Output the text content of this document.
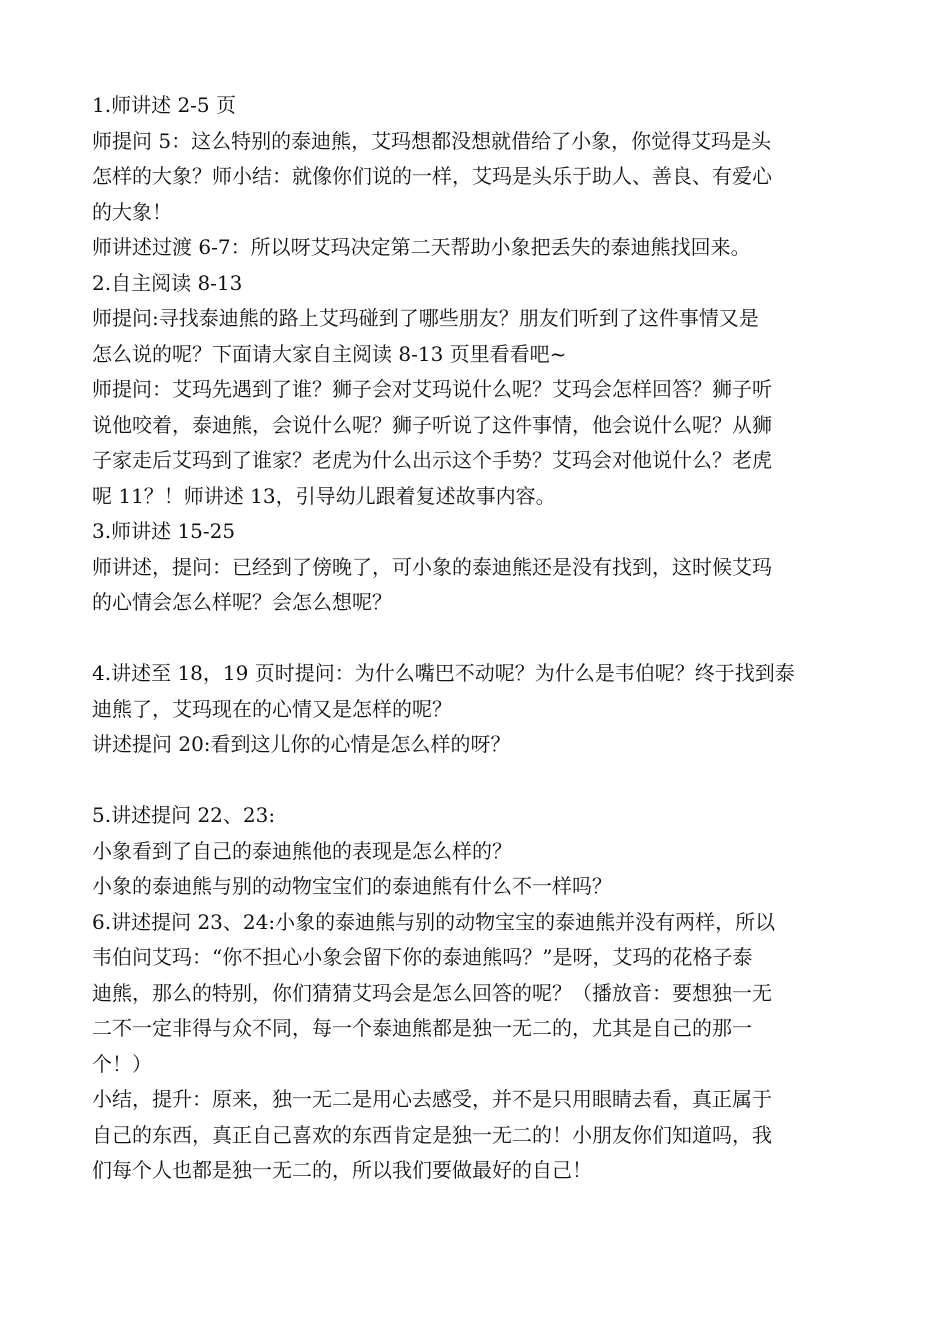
1.师讲述 2-5 页
师提问 5：这么特别的泰迪熊，艾玛想都没想就借给了小象，你觉得艾玛是头
怎样的大象？师小结：就像你们说的一样，艾玛是头乐于助人、善良、有爱心
的大象！
师讲述过渡 6-7：所以呀艾玛决定第二天帮助小象把丢失的泰迪熊找回来。
2.自主阅读 8-13
师提问:寻找泰迪熊的路上艾玛碰到了哪些朋友？朋友们听到了这件事情又是
怎么说的呢？下面请大家自主阅读 8-13 页里看看吧~
师提问：艾玛先遇到了谁？狮子会对艾玛说什么呢？艾玛会怎样回答？狮子听
说他咬着，泰迪熊，会说什么呢？狮子听说了这件事情，他会说什么呢？从狮
子家走后艾玛到了谁家？老虎为什么出示这个手势？艾玛会对他说什么？老虎
呢 11？！师讲述 13，引导幼儿跟着复述故事内容。
3.师讲述 15-25
师讲述，提问：已经到了傍晚了，可小象的泰迪熊还是没有找到，这时候艾玛
的心情会怎么样呢？会怎么想呢？
4.讲述至 18，19 页时提问：为什么嘴巴不动呢？为什么是韦伯呢？终于找到泰
迪熊了，艾玛现在的心情又是怎样的呢？
讲述提问 20:看到这儿你的心情是怎么样的呀？
5.讲述提问 22、23:
小象看到了自己的泰迪熊他的表现是怎么样的？
小象的泰迪熊与别的动物宝宝们的泰迪熊有什么不一样吗？
6.讲述提问 23、24:小象的泰迪熊与别的动物宝宝的泰迪熊并没有两样，所以
韦伯问艾玛：“你不担心小象会留下你的泰迪熊吗？”是呀，艾玛的花格子泰
迪熊，那么的特别，你们猜猜艾玛会是怎么回答的呢？（播放音：要想独一无
二不一定非得与众不同，每一个泰迪熊都是独一无二的，尤其是自己的那一
个！）
小结，提升：原来，独一无二是用心去感受，并不是只用眼睛去看，真正属于
自己的东西，真正自己喜欢的东西肯定是独一无二的！小朋友你们知道吗，我
们每个人也都是独一无二的，所以我们要做最好的自己！
